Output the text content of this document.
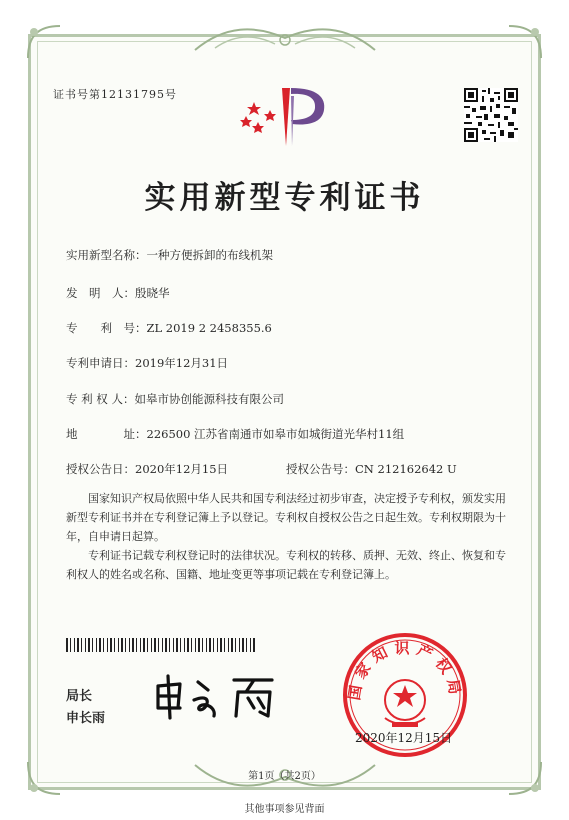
证书号第12131795号
实用新型专利证书
实用新型名称：一种方便拆卸的布线机架
发　明　人：殷晓华
专　　利　号：ZL 2019 2 2458355.6
专利申请日：2019年12月31日
专 利 权 人：如皋市协创能源科技有限公司
地　　　　址：226500 江苏省南通市如皋市如城街道光华村11组
授权公告日：2020年12月15日	授权公告号：CN 212162642 U
国家知识产权局依照中华人民共和国专利法经过初步审查，决定授予专利权，颁发实用新型专利证书并在专利登记簿上予以登记。专利权自授权公告之日起生效。专利权期限为十年，自申请日起算。
专利证书记载专利权登记时的法律状况。专利权的转移、质押、无效、终止、恢复和专利权人的姓名或名称、国籍、地址变更等事项记载在专利登记簿上。
局长
申长雨
国家知识产权局
2020年12月15日
第1页（共2页）
其他事项参见背面
